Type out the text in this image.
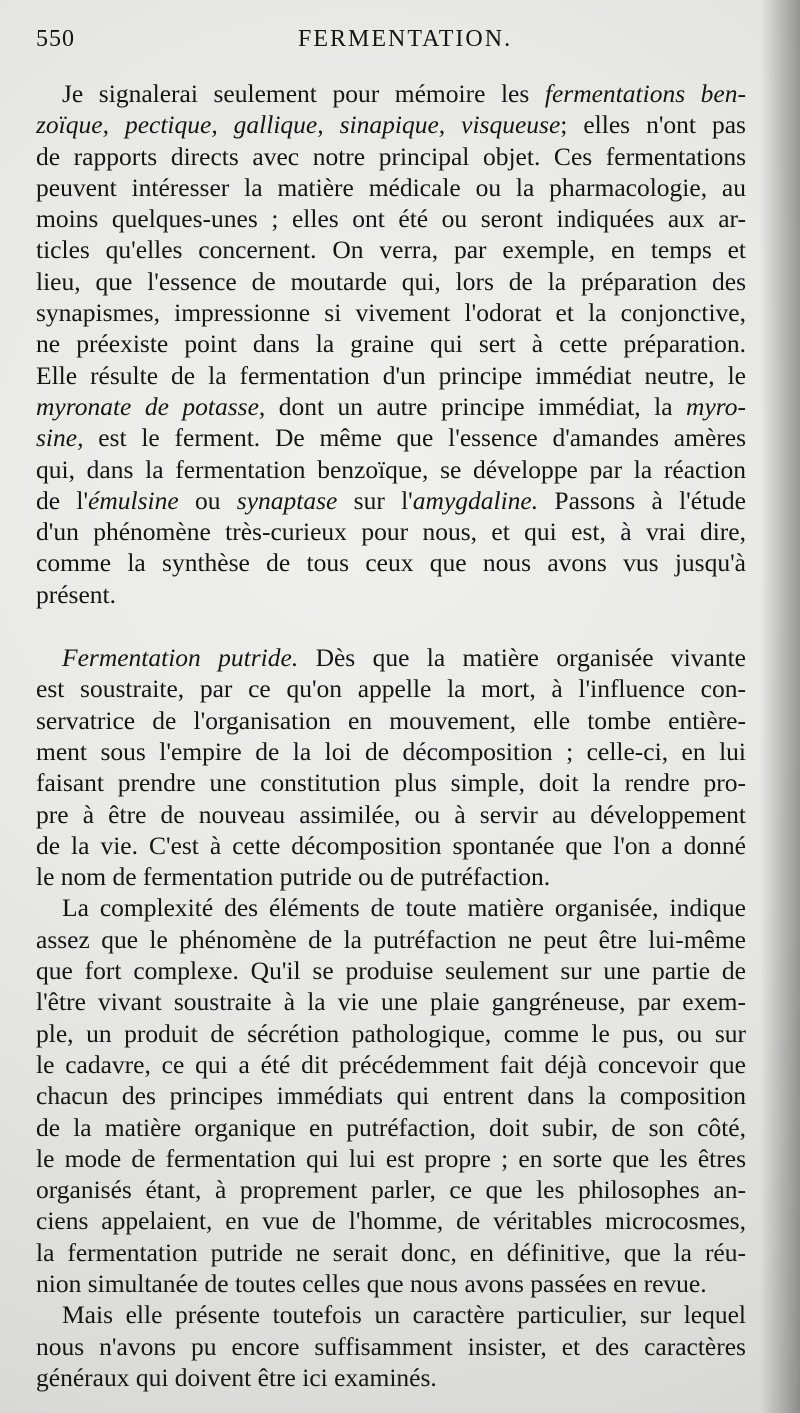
550	FERMENTATION.
Je signalerai seulement pour mémoire les fermentations ben-
zoïque, pectique, gallique, sinapique, visqueuse; elles n'ont pas
de rapports directs avec notre principal objet. Ces fermentations
peuvent intéresser la matière médicale ou la pharmacologie, au
moins quelques-unes ; elles ont été ou seront indiquées aux ar-
ticles qu'elles concernent. On verra, par exemple, en temps et
lieu, que l'essence de moutarde qui, lors de la préparation des
synapismes, impressionne si vivement l'odorat et la conjonctive,
ne préexiste point dans la graine qui sert à cette préparation.
Elle résulte de la fermentation d'un principe immédiat neutre, le
myronate de potasse, dont un autre principe immédiat, la myro-
sine, est le ferment. De même que l'essence d'amandes amères
qui, dans la fermentation benzoïque, se développe par la réaction
de l'émulsine ou synaptase sur l'amygdaline. Passons à l'étude
d'un phénomène très-curieux pour nous, et qui est, à vrai dire,
comme la synthèse de tous ceux que nous avons vus jusqu'à
présent.
Fermentation putride. Dès que la matière organisée vivante
est soustraite, par ce qu'on appelle la mort, à l'influence con-
servatrice de l'organisation en mouvement, elle tombe entière-
ment sous l'empire de la loi de décomposition ; celle-ci, en lui
faisant prendre une constitution plus simple, doit la rendre pro-
pre à être de nouveau assimilée, ou à servir au développement
de la vie. C'est à cette décomposition spontanée que l'on a donné
le nom de fermentation putride ou de putréfaction.
La complexité des éléments de toute matière organisée, indique
assez que le phénomène de la putréfaction ne peut être lui-même
que fort complexe. Qu'il se produise seulement sur une partie de
l'être vivant soustraite à la vie une plaie gangréneuse, par exem-
ple, un produit de sécrétion pathologique, comme le pus, ou sur
le cadavre, ce qui a été dit précédemment fait déjà concevoir que
chacun des principes immédiats qui entrent dans la composition
de la matière organique en putréfaction, doit subir, de son côté,
le mode de fermentation qui lui est propre ; en sorte que les êtres
organisés étant, à proprement parler, ce que les philosophes an-
ciens appelaient, en vue de l'homme, de véritables microcosmes,
la fermentation putride ne serait donc, en définitive, que la réu-
nion simultanée de toutes celles que nous avons passées en revue.
Mais elle présente toutefois un caractère particulier, sur lequel
nous n'avons pu encore suffisamment insister, et des caractères
généraux qui doivent être ici examinés.
